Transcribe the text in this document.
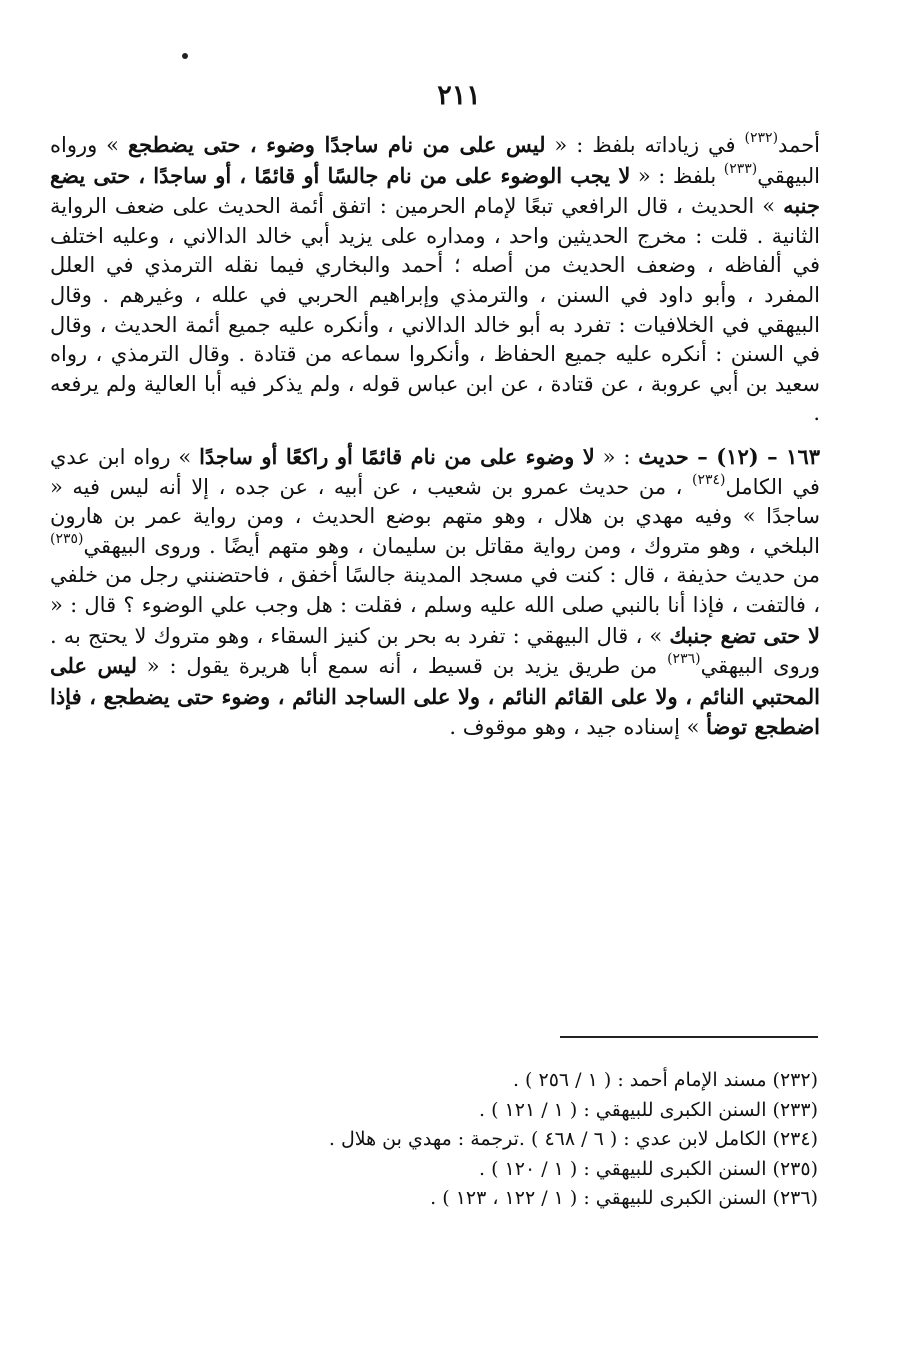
٢١١

أحمد$^{(٢٣٢)}$ في زياداته بلفظ : « ليس على من نام ساجدًا وضوء ، حتى يضطجع » ورواه البيهقي$^{(٢٣٣)}$ بلفظ : « لا يجب الوضوء على من نام جالسًا أو قائمًا ، أو ساجدًا ، حتى يضع جنبه » الحديث ، قال الرافعي تبعًا لإمام الحرمين : اتفق أئمة الحديث على ضعف الرواية الثانية . قلت : مخرج الحديثين واحد ، ومداره على يزيد أبي خالد الدالاني ، وعليه اختلف في ألفاظه ، وضعف الحديث من أصله ؛ أحمد والبخاري فيما نقله الترمذي في العلل المفرد ، وأبو داود في السنن ، والترمذي وإبراهيم الحربي في علله ، وغيرهم . وقال البيهقي في الخلافيات : تفرد به أبو خالد الدالاني ، وأنكره عليه جميع أئمة الحديث ، وقال في السنن : أنكره عليه جميع الحفاظ ، وأنكروا سماعه من قتادة . وقال الترمذي ، رواه سعيد بن أبي عروبة ، عن قتادة ، عن ابن عباس قوله ، ولم يذكر فيه أبا العالية ولم يرفعه .

١٦٣ – (١٢) – حديث : « لا وضوء على من نام قائمًا أو راكعًا أو ساجدًا » رواه ابن عدي في الكامل$^{(٢٣٤)}$ ، من حديث عمرو بن شعيب ، عن أبيه ، عن جده ، إلا أنه ليس فيه « ساجدًا » وفيه مهدي بن هلال ، وهو متهم بوضع الحديث ، ومن رواية عمر بن هارون البلخي ، وهو متروك ، ومن رواية مقاتل بن سليمان ، وهو متهم أيضًا . وروى البيهقي$^{(٢٣٥)}$ من حديث حذيفة ، قال : كنت في مسجد المدينة جالسًا أخفق ، فاحتضنني رجل من خلفي ، فالتفت ، فإذا أنا بالنبي صلى الله عليه وسلم ، فقلت : هل وجب علي الوضوء ؟ قال : « لا حتى تضع جنبك » ، قال البيهقي : تفرد به بحر بن كنيز السقاء ، وهو متروك لا يحتج به . وروى البيهقي$^{(٢٣٦)}$ من طريق يزيد بن قسيط ، أنه سمع أبا هريرة يقول : « ليس على المحتبي النائم ، ولا على القائم النائم ، ولا على الساجد النائم ، وضوء حتى يضطجع ، فإذا اضطجع توضأ » إسناده جيد ، وهو موقوف .

(٢٣٢) مسند الإمام أحمد : ( ١ / ٢٥٦ ) .

(٢٣٣) السنن الكبرى للبيهقي : ( ١ / ١٢١ ) .

(٢٣٤) الكامل لابن عدي : ( ٦ / ٤٦٨ ) .ترجمة : مهدي بن هلال .

(٢٣٥) السنن الكبرى للبيهقي : ( ١ / ١٢٠ ) .

(٢٣٦) السنن الكبرى للبيهقي : ( ١ / ١٢٢ ، ١٢٣ ) .
